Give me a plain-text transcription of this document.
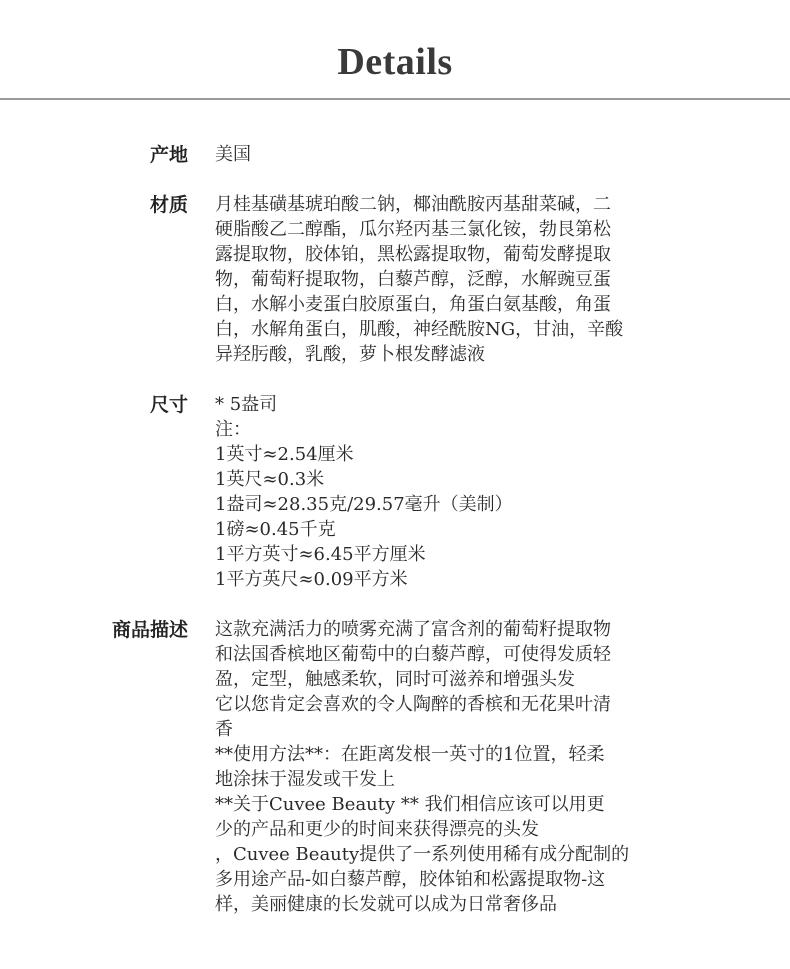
Details
产地 美国
材质 月桂基磺基琥珀酸二钠，椰油酰胺丙基甜菜碱，二
硬脂酸乙二醇酯，瓜尔羟丙基三氯化铵，勃艮第松
露提取物，胶体铂，黑松露提取物，葡萄发酵提取
物，葡萄籽提取物，白藜芦醇，泛醇，水解豌豆蛋
白，水解小麦蛋白胶原蛋白，角蛋白氨基酸，角蛋
白，水解角蛋白，肌酸，神经酰胺NG，甘油，辛酸
异羟肟酸，乳酸，萝卜根发酵滤液
尺寸 * 5盎司
注：
1英寸≈2.54厘米
1英尺≈0.3米
1盎司≈28.35克/29.57毫升（美制）
1磅≈0.45千克
1平方英寸≈6.45平方厘米
1平方英尺≈0.09平方米
商品描述 这款充满活力的喷雾充满了富含剂的葡萄籽提取物
和法国香槟地区葡萄中的白藜芦醇，可使得发质轻
盈，定型，触感柔软，同时可滋养和增强头发
它以您肯定会喜欢的令人陶醉的香槟和无花果叶清
香
**使用方法**：在距离发根一英寸的1位置，轻柔
地涂抹于湿发或干发上
**关于Cuvee Beauty ** 我们相信应该可以用更
少的产品和更少的时间来获得漂亮的头发
，Cuvee Beauty提供了一系列使用稀有成分配制的
多用途产品-如白藜芦醇，胶体铂和松露提取物-这
样，美丽健康的长发就可以成为日常奢侈品
